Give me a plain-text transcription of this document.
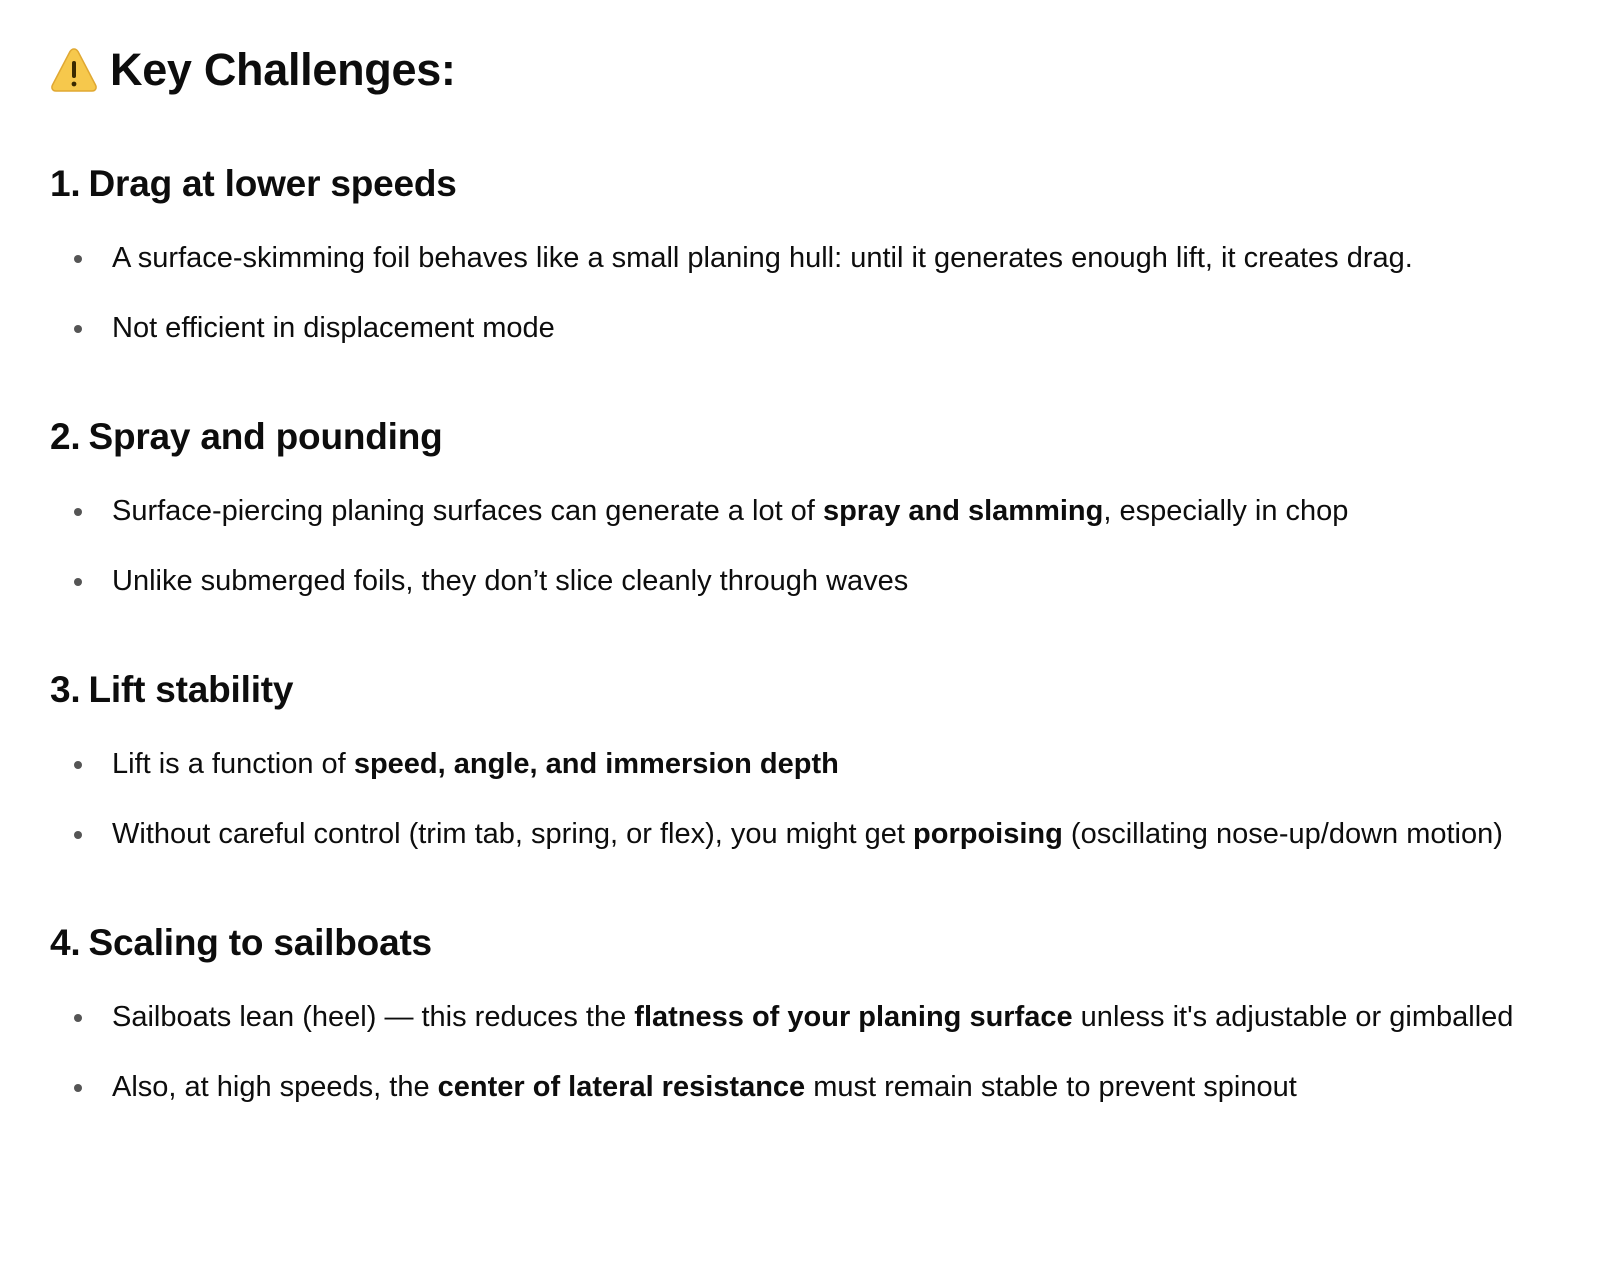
Key Challenges:
1. Drag at lower speeds
A surface-skimming foil behaves like a small planing hull: until it generates enough lift, it creates drag.
Not efficient in displacement mode
2. Spray and pounding
Surface-piercing planing surfaces can generate a lot of spray and slamming, especially in chop
Unlike submerged foils, they don’t slice cleanly through waves
3. Lift stability
Lift is a function of speed, angle, and immersion depth
Without careful control (trim tab, spring, or flex), you might get porpoising (oscillating nose-up/down motion)
4. Scaling to sailboats
Sailboats lean (heel) — this reduces the flatness of your planing surface unless it's adjustable or gimballed
Also, at high speeds, the center of lateral resistance must remain stable to prevent spinout
